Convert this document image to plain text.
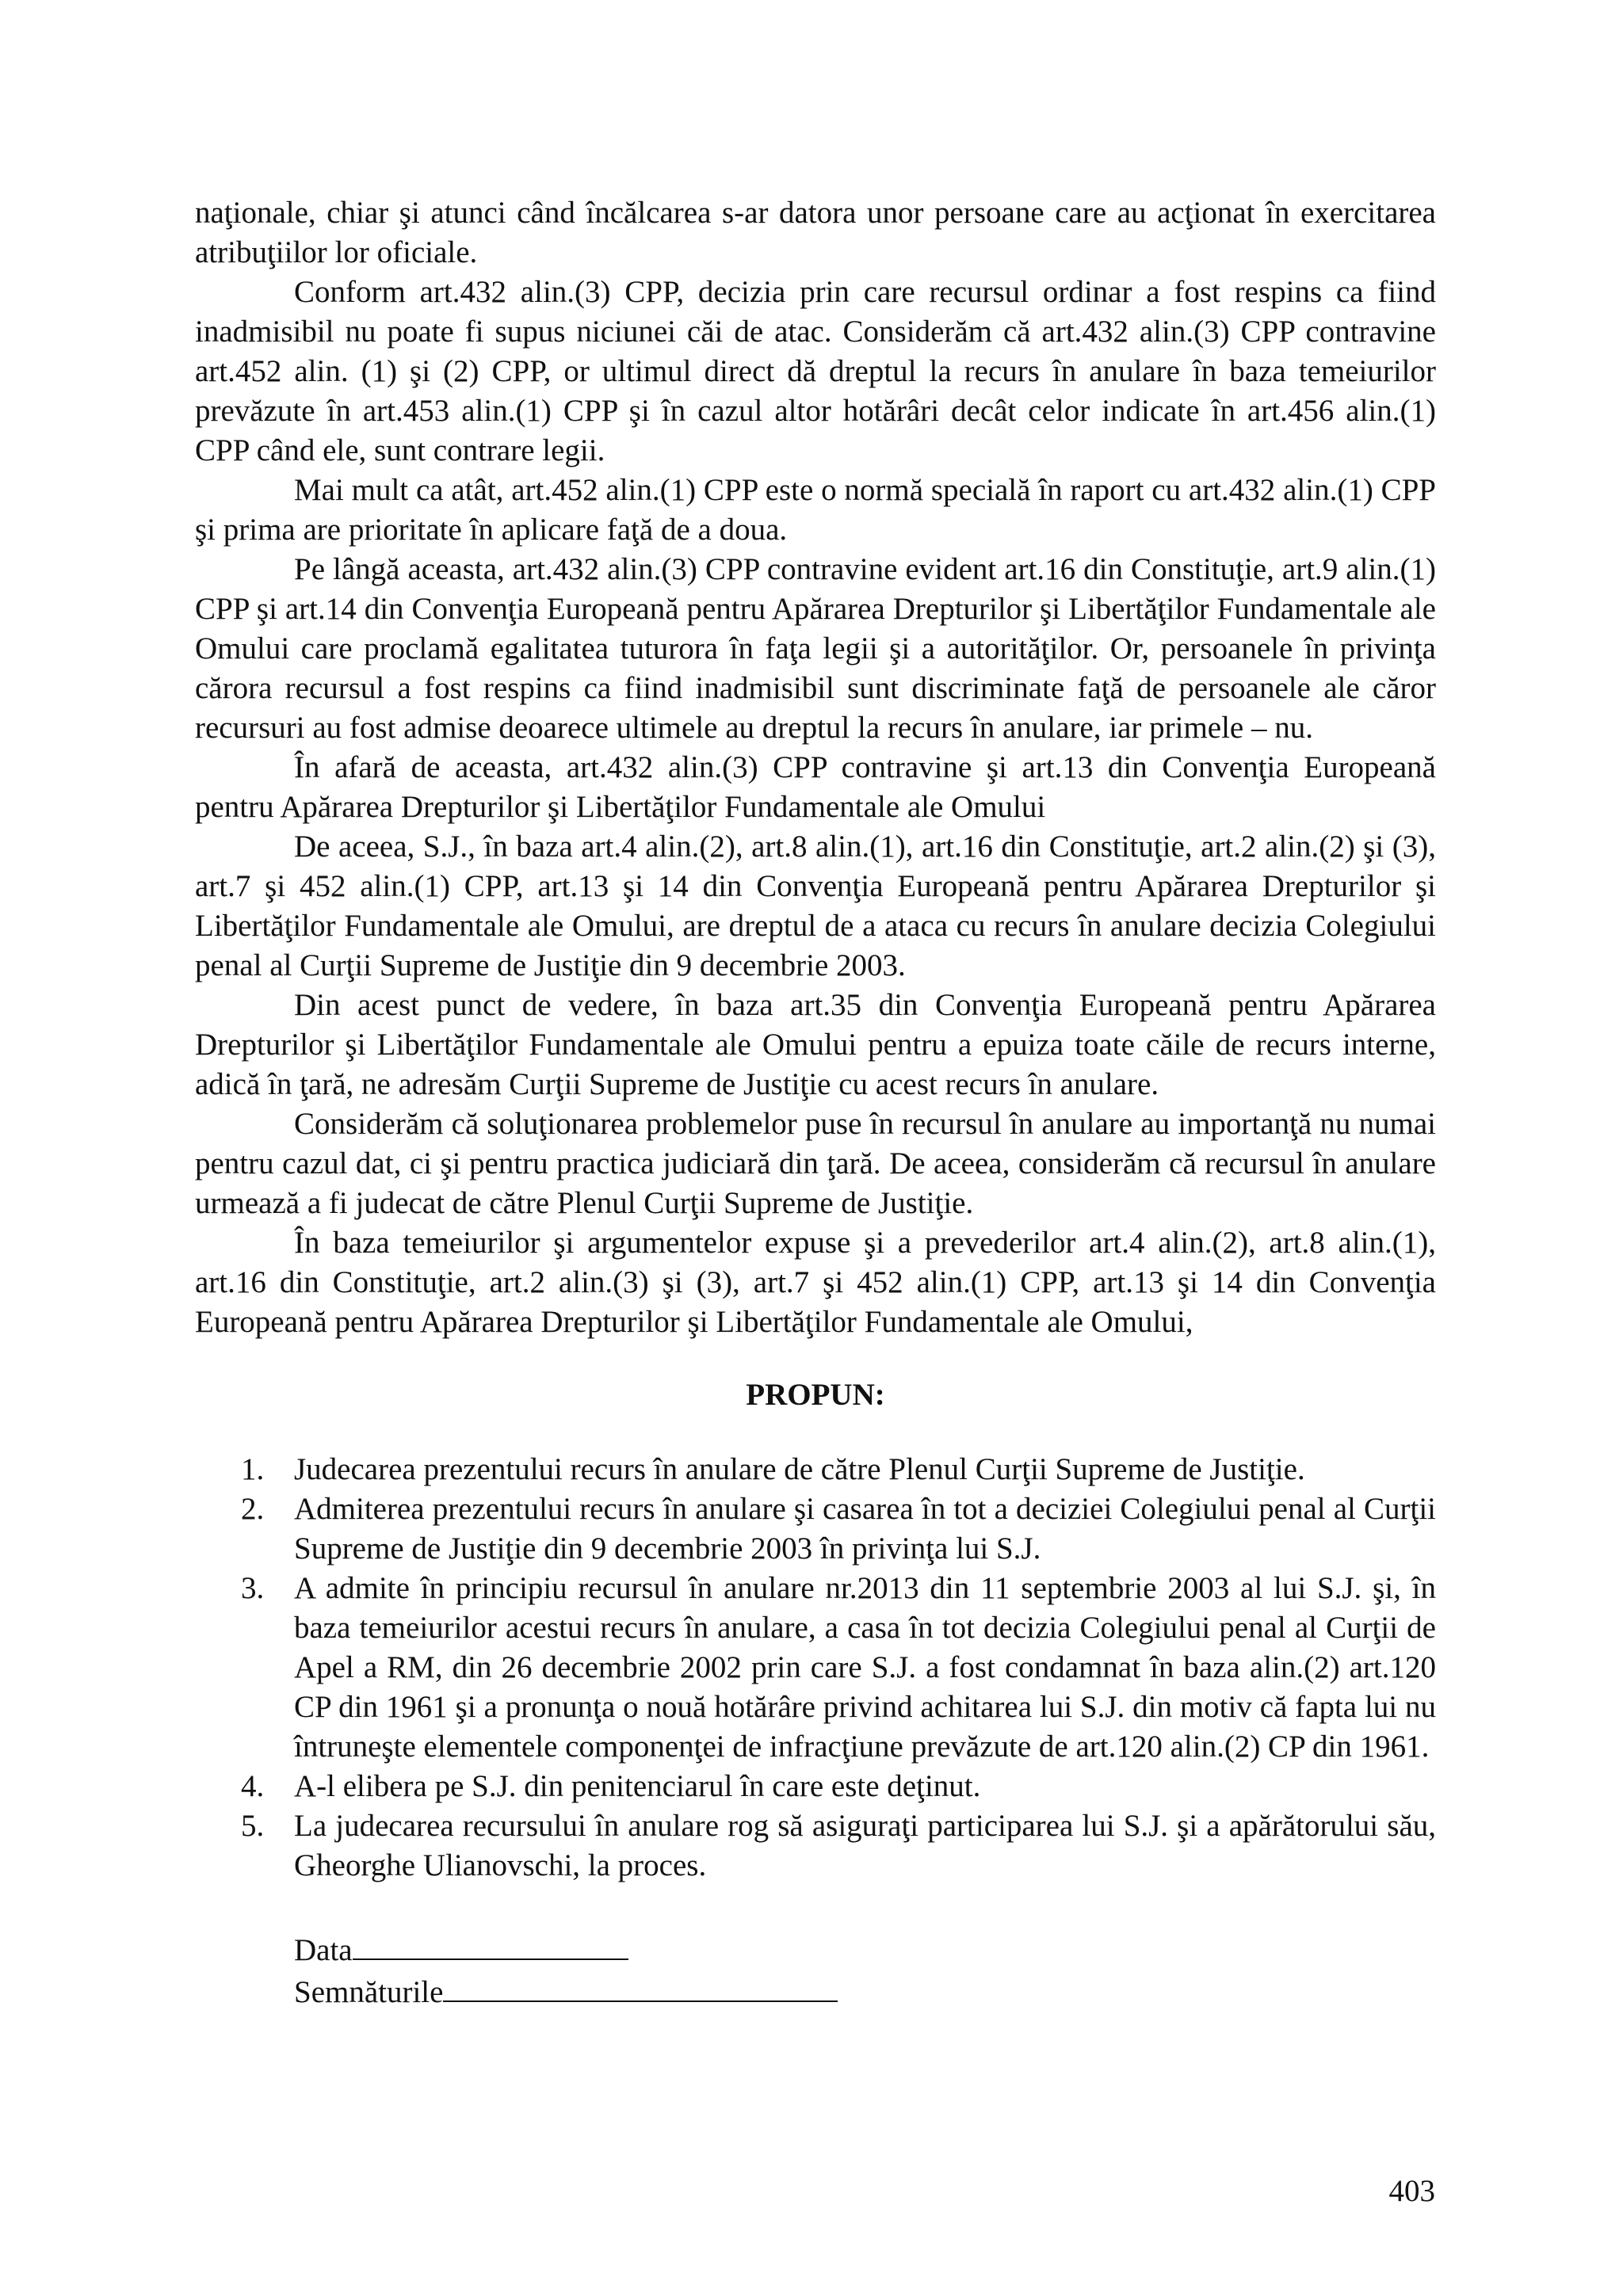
naţionale, chiar şi atunci când încălcarea s-ar datora unor persoane care au acţionat în exercitarea atribuţiilor lor oficiale.

Conform art.432 alin.(3) CPP, decizia prin care recursul ordinar a fost respins ca fiind inadmisibil nu poate fi supus niciunei căi de atac. Considerăm că art.432 alin.(3) CPP contravine art.452 alin. (1) şi (2) CPP, or ultimul direct dă dreptul la recurs în anulare în baza temeiurilor prevăzute în art.453 alin.(1) CPP şi în cazul altor hotărâri decât celor indicate în art.456 alin.(1) CPP când ele, sunt contrare legii.

Mai mult ca atât, art.452 alin.(1) CPP este o normă specială în raport cu art.432 alin.(1) CPP şi prima are prioritate în aplicare faţă de a doua.

Pe lângă aceasta, art.432 alin.(3) CPP contravine evident art.16 din Constituţie, art.9 alin.(1) CPP şi art.14 din Convenţia Europeană pentru Apărarea Drepturilor şi Libertăţilor Fundamentale ale Omului care proclamă egalitatea tuturora în faţa legii şi a autorităţilor. Or, persoanele în privinţa cărora recursul a fost respins ca fiind inadmisibil sunt discriminate faţă de persoanele ale căror recursuri au fost admise deoarece ultimele au dreptul la recurs în anulare, iar primele – nu.

În afară de aceasta, art.432 alin.(3) CPP contravine şi art.13 din Convenţia Europeană pentru Apărarea Drepturilor şi Libertăţilor Fundamentale ale Omului

De aceea, S.J., în baza art.4 alin.(2), art.8 alin.(1), art.16 din Constituţie, art.2 alin.(2) şi (3), art.7 şi 452 alin.(1) CPP, art.13 şi 14 din Convenţia Europeană pentru Apărarea Drepturilor şi Libertăţilor Fundamentale ale Omului, are dreptul de a ataca cu recurs în anulare decizia Colegiului penal al Curţii Supreme de Justiţie din 9 decembrie 2003.

Din acest punct de vedere, în baza art.35 din Convenţia Europeană pentru Apărarea Drepturilor şi Libertăţilor Fundamentale ale Omului pentru a epuiza toate căile de recurs interne, adică în ţară, ne adresăm Curţii Supreme de Justiţie cu acest recurs în anulare.

Considerăm că soluţionarea problemelor puse în recursul în anulare au importanţă nu numai pentru cazul dat, ci şi pentru practica judiciară din ţară. De aceea, considerăm că recursul în anulare urmează a fi judecat de către Plenul Curţii Supreme de Justiţie.

În baza temeiurilor şi argumentelor expuse şi a prevederilor art.4 alin.(2), art.8 alin.(1), art.16 din Constituţie, art.2 alin.(3) şi (3), art.7 şi 452 alin.(1) CPP, art.13 şi 14 din Convenţia Europeană pentru Apărarea Drepturilor şi Libertăţilor Fundamentale ale Omului,

PROPUN:
1. Judecarea prezentului recurs în anulare de către Plenul Curţii Supreme de Justiţie.
2. Admiterea prezentului recurs în anulare şi casarea în tot a deciziei Colegiului penal al Curţii Supreme de Justiţie din 9 decembrie 2003 în privinţa lui S.J.
3. A admite în principiu recursul în anulare nr.2013 din 11 septembrie 2003 al lui S.J. şi, în baza temeiurilor acestui recurs în anulare, a casa în tot decizia Colegiului penal al Curţii de Apel a RM, din 26 decembrie 2002 prin care S.J. a fost condamnat în baza alin.(2) art.120 CP din 1961 şi a pronunţa o nouă hotărâre privind achitarea lui S.J. din motiv că fapta lui nu întruneşte elementele componenţei de infracţiune prevăzute de art.120 alin.(2) CP din 1961.
4. A-l elibera pe S.J. din penitenciarul în care este deţinut.
5. La judecarea recursului în anulare rog să asiguraţi participarea lui S.J. şi a apărătorului său, Gheorghe Ulianovschi, la proces.
Data
Semnăturile
403
